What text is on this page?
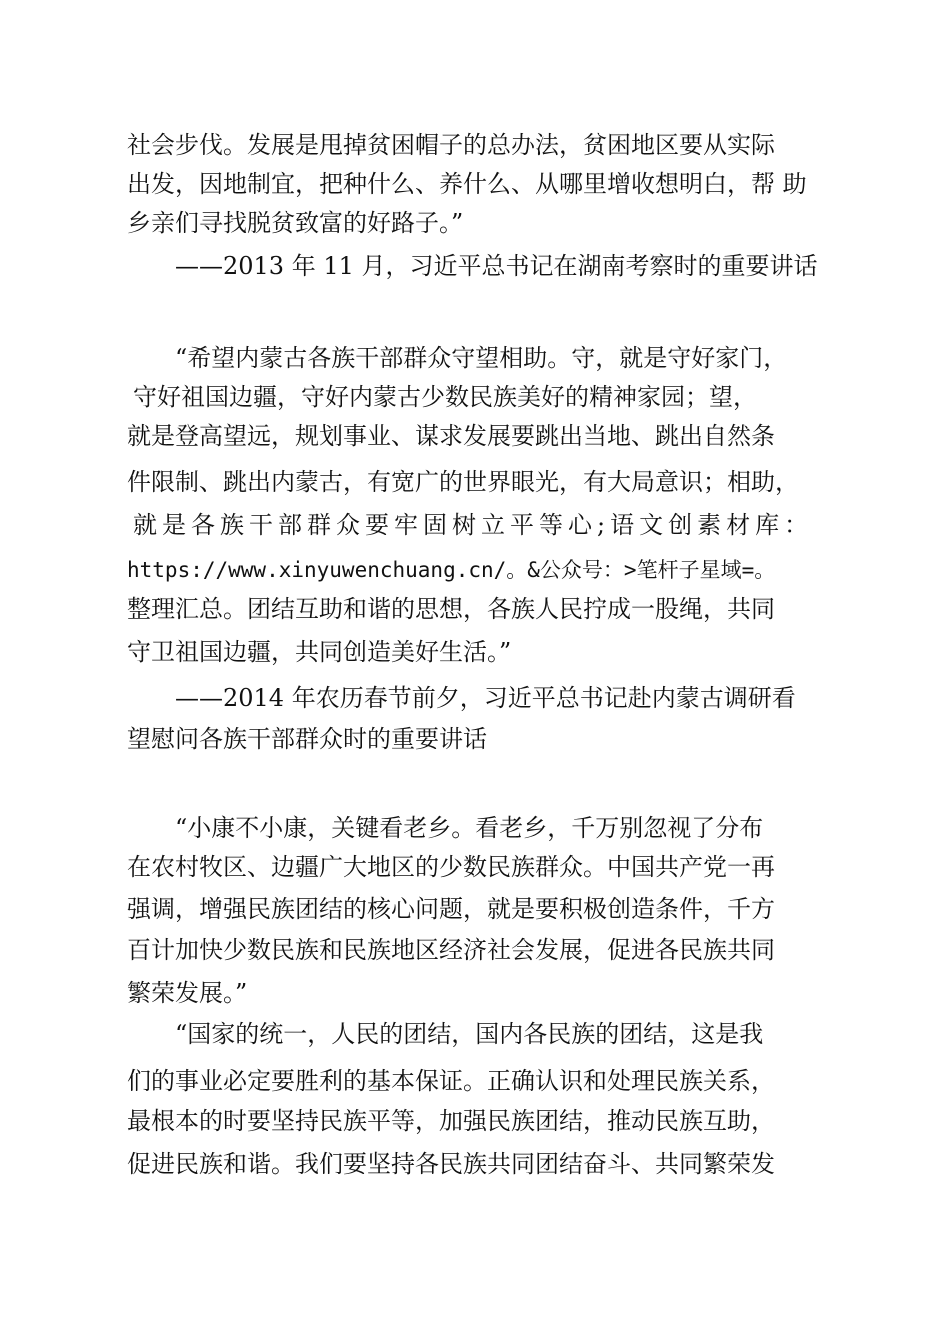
社会步伐。发展是甩掉贫困帽子的总办法，贫困地区要从实际

出发，因地制宜，把种什么、养什么、从哪里增收想明白，帮 助

乡亲们寻找脱贫致富的好路子。”

——2013 年 11 月，习近平总书记在湖南考察时的重要讲话

“希望内蒙古各族干部群众守望相助。守，就是守好家门，

守好祖国边疆，守好内蒙古少数民族美好的精神家园；望，

就是登高望远，规划事业、谋求发展要跳出当地、跳出自然条

件限制、跳出内蒙古，有宽广的世界眼光，有大局意识；相助，

就是各族干部群众要牢固树立平等心;语文创素材库：

https://www.xinyuwenchuang.cn/。&公众号：>笔杆子星域=。

整理汇总。团结互助和谐的思想，各族人民拧成一股绳，共同

守卫祖国边疆，共同创造美好生活。”

——2014 年农历春节前夕，习近平总书记赴内蒙古调研看

望慰问各族干部群众时的重要讲话

“小康不小康，关键看老乡。看老乡，千万别忽视了分布

在农村牧区、边疆广大地区的少数民族群众。中国共产党一再

强调，增强民族团结的核心问题，就是要积极创造条件，千方

百计加快少数民族和民族地区经济社会发展，促进各民族共同

繁荣发展。”

“国家的统一，人民的团结，国内各民族的团结，这是我

们的事业必定要胜利的基本保证。正确认识和处理民族关系，

最根本的时要坚持民族平等，加强民族团结，推动民族互助，

促进民族和谐。我们要坚持各民族共同团结奋斗、共同繁荣发
